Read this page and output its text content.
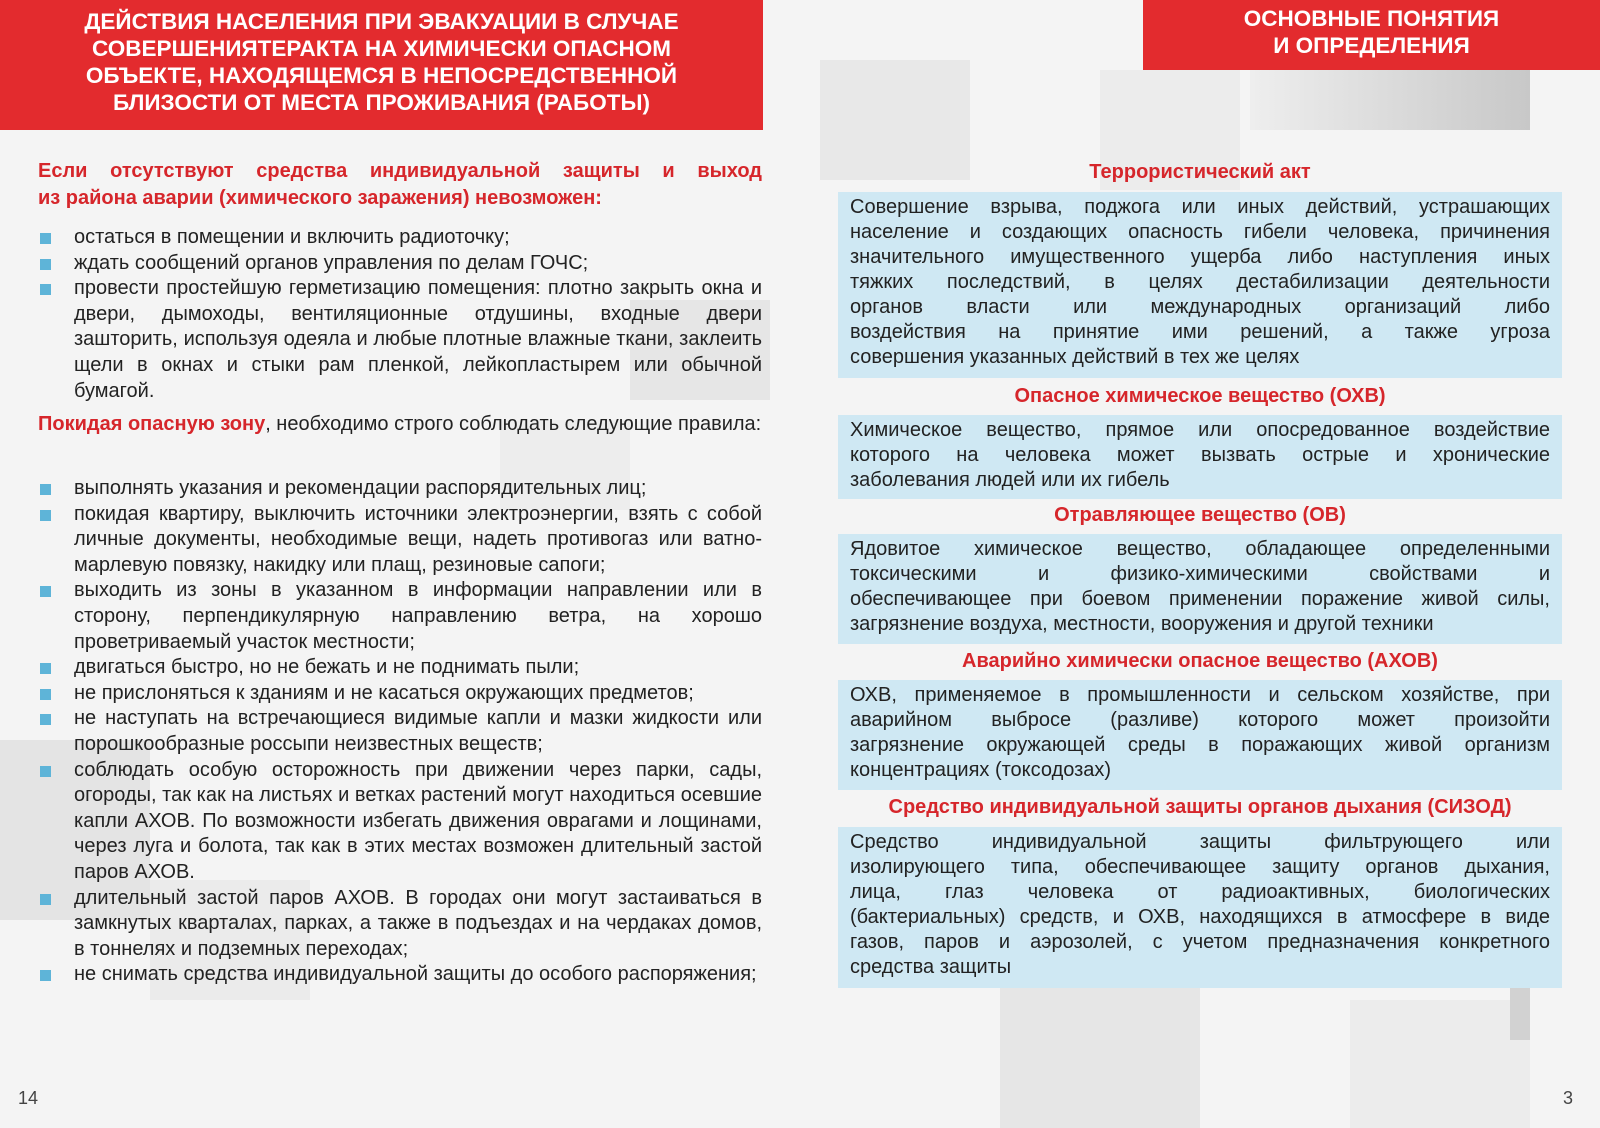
ДЕЙСТВИЯ НАСЕЛЕНИЯ ПРИ ЭВАКУАЦИИ В СЛУЧАЕ
СОВЕРШЕНИЯТЕРАКТА НА ХИМИЧЕСКИ ОПАСНОМ
ОБЪЕКТЕ, НАХОДЯЩЕМСЯ В НЕПОСРЕДСТВЕННОЙ
БЛИЗОСТИ ОТ МЕСТА ПРОЖИВАНИЯ (РАБОТЫ)
Если отсутствуют средства индивидуальной защиты и выход
из района аварии (химического заражения) невозможен:
остаться в помещении и включить радиоточку;
ждать сообщений органов управления по делам ГОЧС;
провести простейшую герметизацию помещения: плотно закрыть окна и двери, дымоходы, вентиляционные отдушины, входные двери зашторить, используя одеяла и любые плотные влажные ткани, заклеить щели в окнах и стыки рам пленкой, лейкопластырем или обычной бумагой.
Покидая опасную зону, необходимо строго соблюдать следующие правила:
выполнять указания и рекомендации распорядительных лиц;
покидая квартиру, выключить источники электроэнергии, взять с собой личные документы, необходимые вещи, надеть противогаз или ватно-марлевую повязку, накидку или плащ, резиновые сапоги;
выходить из зоны в указанном в информации направлении или в сторону, перпендикулярную направлению ветра, на хорошо проветриваемый участок местности;
двигаться быстро, но не бежать и не поднимать пыли;
не прислоняться к зданиям и не касаться окружающих предметов;
не наступать на встречающиеся видимые капли и мазки жидкости или порошкообразные россыпи неизвестных веществ;
соблюдать особую осторожность при движении через парки, сады, огороды, так как на листьях и ветках растений могут находиться осевшие капли АХОВ. По возможности избегать движения оврагами и лощинами, через луга и болота, так как в этих местах возможен длительный застой паров АХОВ.
длительный застой паров АХОВ. В городах они могут застаиваться в замкнутых кварталах, парках, а также в подъездах и на чердаках домов, в тоннелях и подземных переходах;
не снимать средства индивидуальной защиты до особого распоряжения;
14
ОСНОВНЫЕ ПОНЯТИЯ
И ОПРЕДЕЛЕНИЯ
Террористический акт
Совершение взрыва, поджога или иных действий, устрашающих
население и создающих опасность гибели человека, причинения
значительного имущественного ущерба либо наступления иных
тяжких последствий, в целях дестабилизации деятельности
органов власти или международных организаций либо
воздействия на принятие ими решений, а также угроза
совершения указанных действий в тех же целях
Опасное химическое вещество (ОХВ)
Химическое вещество, прямое или опосредованное воздействие
которого на человека может вызвать острые и хронические
заболевания людей или их гибель
Отравляющее вещество (ОВ)
Ядовитое химическое вещество, обладающее определенными
токсическими и физико-химическими свойствами и
обеспечивающее при боевом применении поражение живой силы,
загрязнение воздуха, местности, вооружения и другой техники
Аварийно химически опасное вещество (АХОВ)
ОХВ, применяемое в промышленности и сельском хозяйстве, при
аварийном выбросе (разливе) которого может произойти
загрязнение окружающей среды в поражающих живой организм
концентрациях (токсодозах)
Средство индивидуальной защиты органов дыхания (СИЗОД)
Средство индивидуальной защиты фильтрующего или
изолирующего типа, обеспечивающее защиту органов дыхания,
лица, глаз человека от радиоактивных, биологических
(бактериальных) средств, и ОХВ, находящихся в атмосфере в виде
газов, паров и аэрозолей, с учетом предназначения конкретного
средства защиты
3
